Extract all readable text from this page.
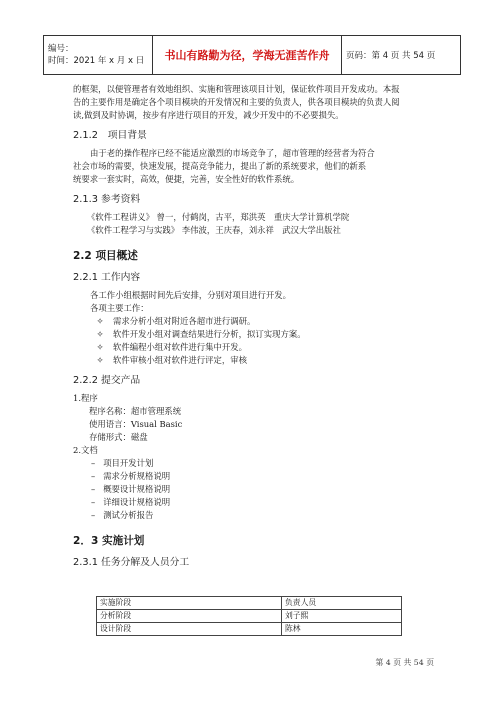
编号：
时间：2021 年 x 月 x 日	书山有路勤为径，学海无涯苦作舟	页码：第 4 页 共 54 页

的框架，以便管理者有效地组织、实施和管理该项目计划，保证软件项目开发成功。本报

告的主要作用是确定各个项目模块的开发情况和主要的负责人，供各项目模块的负责人阅

读,做到及时协调，按步有序进行项目的开发，减少开发中的不必要损失。

2.1.2　项目背景

由于老的操作程序已经不能适应激烈的市场竞争了，超市管理的经营者为符合

社会市场的需要，快速发展，提高竞争能力，提出了新的系统要求，他们的新系

统要求一套实时，高效，便捷，完善，安全性好的软件系统。

2.1.3 参考资料

《软件工程讲义》 曾一，付鹤岗，古平，郑洪英　重庆大学计算机学院

《软件工程学习与实践》 李伟波，王庆春，刘永祥　武汉大学出版社

2.2 项目概述
2.2.1 工作内容

各工作小组根据时间先后安排，分别对项目进行开发。

各项主要工作：

✧ 需求分析小组对附近各超市进行调研。
✧ 软件开发小组对调查结果进行分析，拟订实现方案。
✧ 软件编程小组对软件进行集中开发。
✧ 软件审核小组对软件进行评定，审核
2.2.2 提交产品

1.程序

程序名称：超市管理系统

使用语言：Visual Basic

存储形式：磁盘

2.文档

– 项目开发计划
– 需求分析规格说明
– 概要设计规格说明
– 详细设计规格说明
– 测试分析报告
2．3 实施计划
2.3.1 任务分解及人员分工
实施阶段	负责人员
分析阶段	刘子熙
设计阶段	陈林
第 4 页 共 54 页
